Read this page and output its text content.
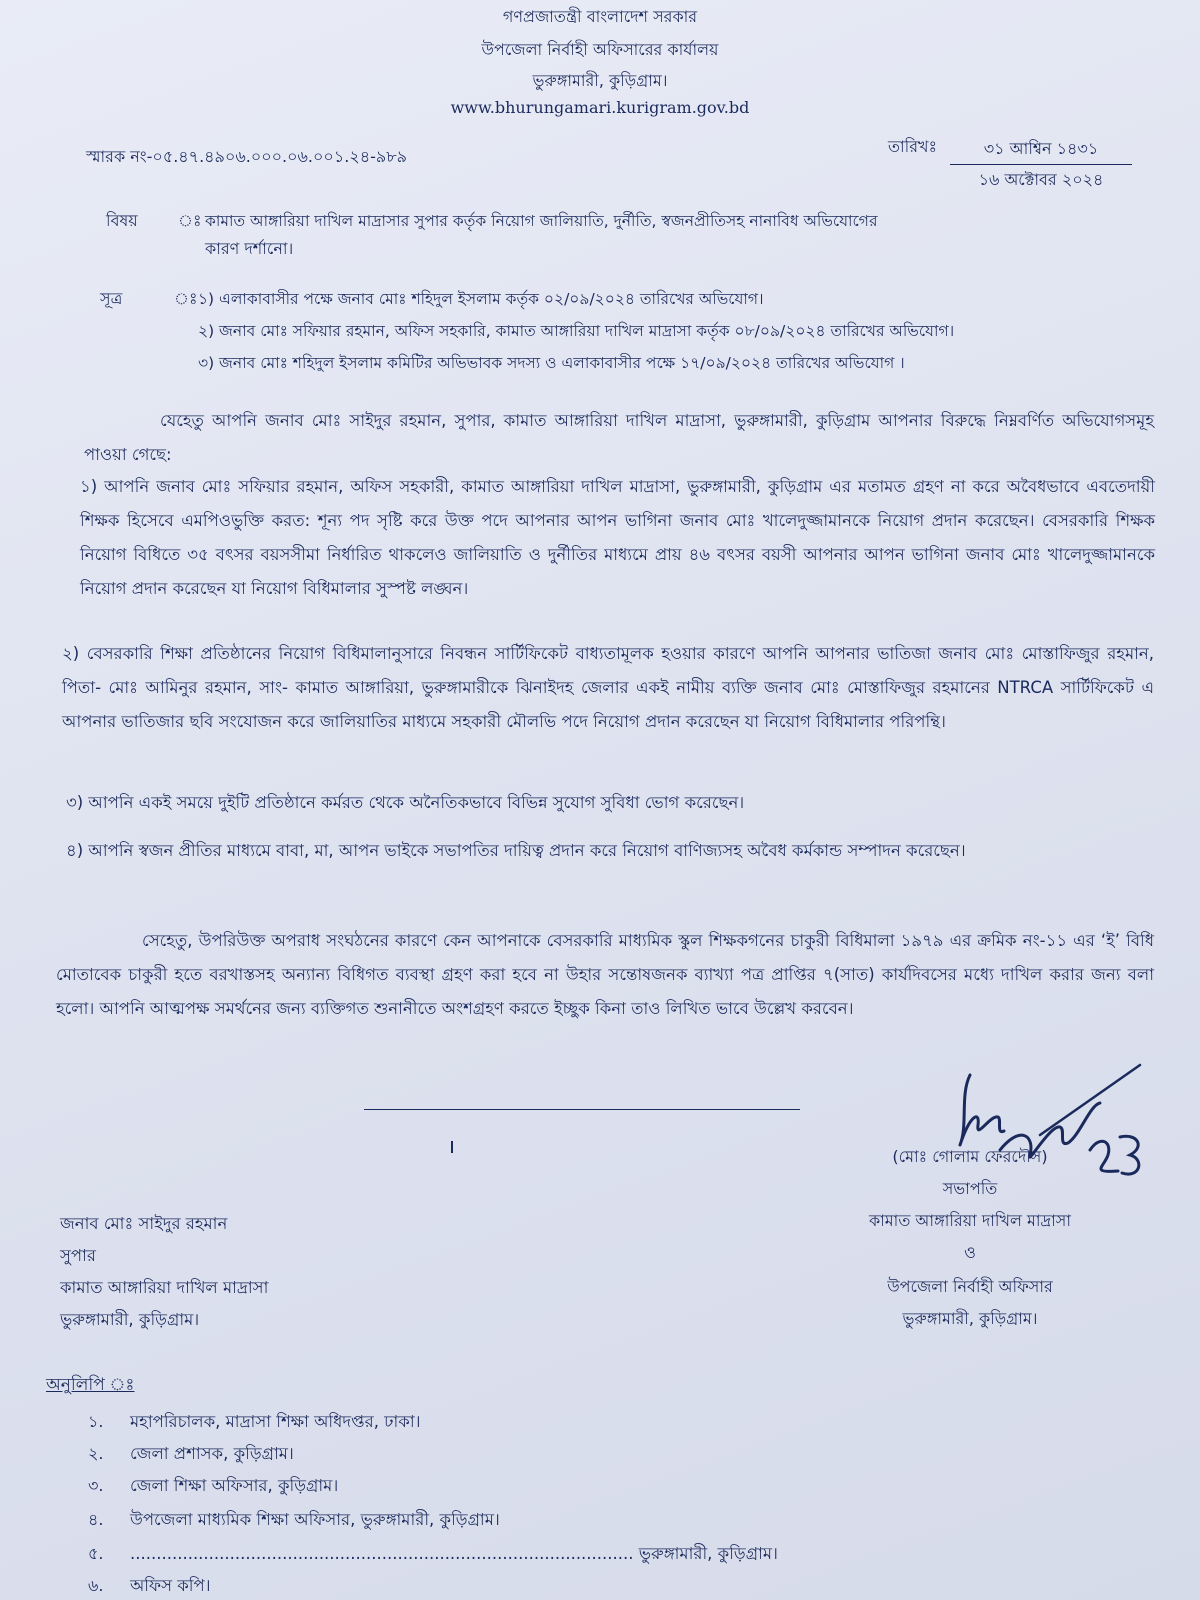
গণপ্রজাতন্ত্রী বাংলাদেশ সরকার
উপজেলা নির্বাহী অফিসারের কার্যালয়
ভুরুঙ্গামারী, কুড়িগ্রাম।
www.bhurungamari.kurigram.gov.bd
স্মারক নং-০৫.৪৭.৪৯০৬.০০০.০৬.০০১.২৪-৯৮৯
তারিখঃ	৩১ আশ্বিন ১৪৩১
১৬ অক্টোবর ২০২৪
বিষয়	ঃ কামাত আঙ্গারিয়া দাখিল মাদ্রাসার সুপার কর্তৃক নিয়োগ জালিয়াতি, দুর্নীতি, স্বজনপ্রীতিসহ নানাবিধ অভিযোগের
কারণ দর্শানো।
সূত্র	ঃ ১) এলাকাবাসীর পক্ষে জনাব মোঃ শহিদুল ইসলাম কর্তৃক ০২/০৯/২০২৪ তারিখের অভিযোগ।
২) জনাব মোঃ সফিয়ার রহমান, অফিস সহকারি, কামাত আঙ্গারিয়া দাখিল মাদ্রাসা কর্তৃক ০৮/০৯/২০২৪ তারিখের অভিযোগ।
৩) জনাব মোঃ শহিদুল ইসলাম কমিটির অভিভাবক সদস্য ও এলাকাবাসীর পক্ষে ১৭/০৯/২০২৪ তারিখের অভিযোগ ।
যেহেতু আপনি জনাব মোঃ সাইদুর রহমান, সুপার, কামাত আঙ্গারিয়া দাখিল মাদ্রাসা, ভুরুঙ্গামারী, কুড়িগ্রাম আপনার বিরুদ্ধে নিম্নবর্ণিত অভিযোগসমূহ পাওয়া গেছে:
১) আপনি জনাব মোঃ সফিয়ার রহমান, অফিস সহকারী, কামাত আঙ্গারিয়া দাখিল মাদ্রাসা, ভুরুঙ্গামারী, কুড়িগ্রাম এর মতামত গ্রহণ না করে অবৈধভাবে এবতেদায়ী শিক্ষক হিসেবে এমপিওভুক্তি করত: শূন্য পদ সৃষ্টি করে উক্ত পদে আপনার আপন ভাগিনা জনাব মোঃ খালেদুজ্জামানকে নিয়োগ প্রদান করেছেন। বেসরকারি শিক্ষক নিয়োগ বিধিতে ৩৫ বৎসর বয়সসীমা নির্ধারিত থাকলেও জালিয়াতি ও দুর্নীতির মাধ্যমে প্রায় ৪৬ বৎসর বয়সী আপনার আপন ভাগিনা জনাব মোঃ খালেদুজ্জামানকে নিয়োগ প্রদান করেছেন যা নিয়োগ বিধিমালার সুস্পষ্ট লঙ্ঘন।
২) বেসরকারি শিক্ষা প্রতিষ্ঠানের নিয়োগ বিধিমালানুসারে নিবন্ধন সার্টিফিকেট বাধ্যতামূলক হওয়ার কারণে আপনি আপনার ভাতিজা জনাব মোঃ মোস্তাফিজুর রহমান, পিতা- মোঃ আমিনুর রহমান, সাং- কামাত আঙ্গারিয়া, ভুরুঙ্গামারীকে ঝিনাইদহ জেলার একই নামীয় ব্যক্তি জনাব মোঃ মোস্তাফিজুর রহমানের NTRCA সার্টিফিকেট এ আপনার ভাতিজার ছবি সংযোজন করে জালিয়াতির মাধ্যমে সহকারী মৌলভি পদে নিয়োগ প্রদান করেছেন যা নিয়োগ বিধিমালার পরিপন্থি।
৩) আপনি একই সময়ে দুইটি প্রতিষ্ঠানে কর্মরত থেকে অনৈতিকভাবে বিভিন্ন সুযোগ সুবিধা ভোগ করেছেন।
৪) আপনি স্বজন প্রীতির মাধ্যমে বাবা, মা, আপন ভাইকে সভাপতির দায়িত্ব প্রদান করে নিয়োগ বাণিজ্যসহ অবৈধ কর্মকান্ড সম্পাদন করেছেন।
সেহেতু, উপরিউক্ত অপরাধ সংঘঠনের কারণে কেন আপনাকে বেসরকারি মাধ্যমিক স্কুল শিক্ষকগনের চাকুরী বিধিমালা ১৯৭৯ এর ক্রমিক নং-১১ এর ‘ই’ বিধি মোতাবেক চাকুরী হতে বরখাস্তসহ অন্যান্য বিধিগত ব্যবস্থা গ্রহণ করা হবে না উহার সন্তোষজনক ব্যাখ্যা পত্র প্রাপ্তির ৭(সাত) কার্যদিবসের মধ্যে দাখিল করার জন্য বলা হলো। আপনি আত্মপক্ষ সমর্থনের জন্য ব্যক্তিগত শুনানীতে অংশগ্রহণ করতে ইচ্ছুক কিনা তাও লিখিত ভাবে উল্লেখ করবেন।
(মোঃ গোলাম ফেরদৌস)
সভাপতি
কামাত আঙ্গারিয়া দাখিল মাদ্রাসা
ও
উপজেলা নির্বাহী অফিসার
ভুরুঙ্গামারী, কুড়িগ্রাম।
জনাব মোঃ সাইদুর রহমান
সুপার
কামাত আঙ্গারিয়া দাখিল মাদ্রাসা
ভুরুঙ্গামারী, কুড়িগ্রাম।
অনুলিপি ঃ
১.	মহাপরিচালক, মাদ্রাসা শিক্ষা অধিদপ্তর, ঢাকা।
২.	জেলা প্রশাসক, কুড়িগ্রাম।
৩.	জেলা শিক্ষা অফিসার, কুড়িগ্রাম।
৪.	উপজেলা মাধ্যমিক শিক্ষা অফিসার, ভুরুঙ্গামারী, কুড়িগ্রাম।
৫.	................................................................................................ ভুরুঙ্গামারী, কুড়িগ্রাম।
৬.	অফিস কপি।
